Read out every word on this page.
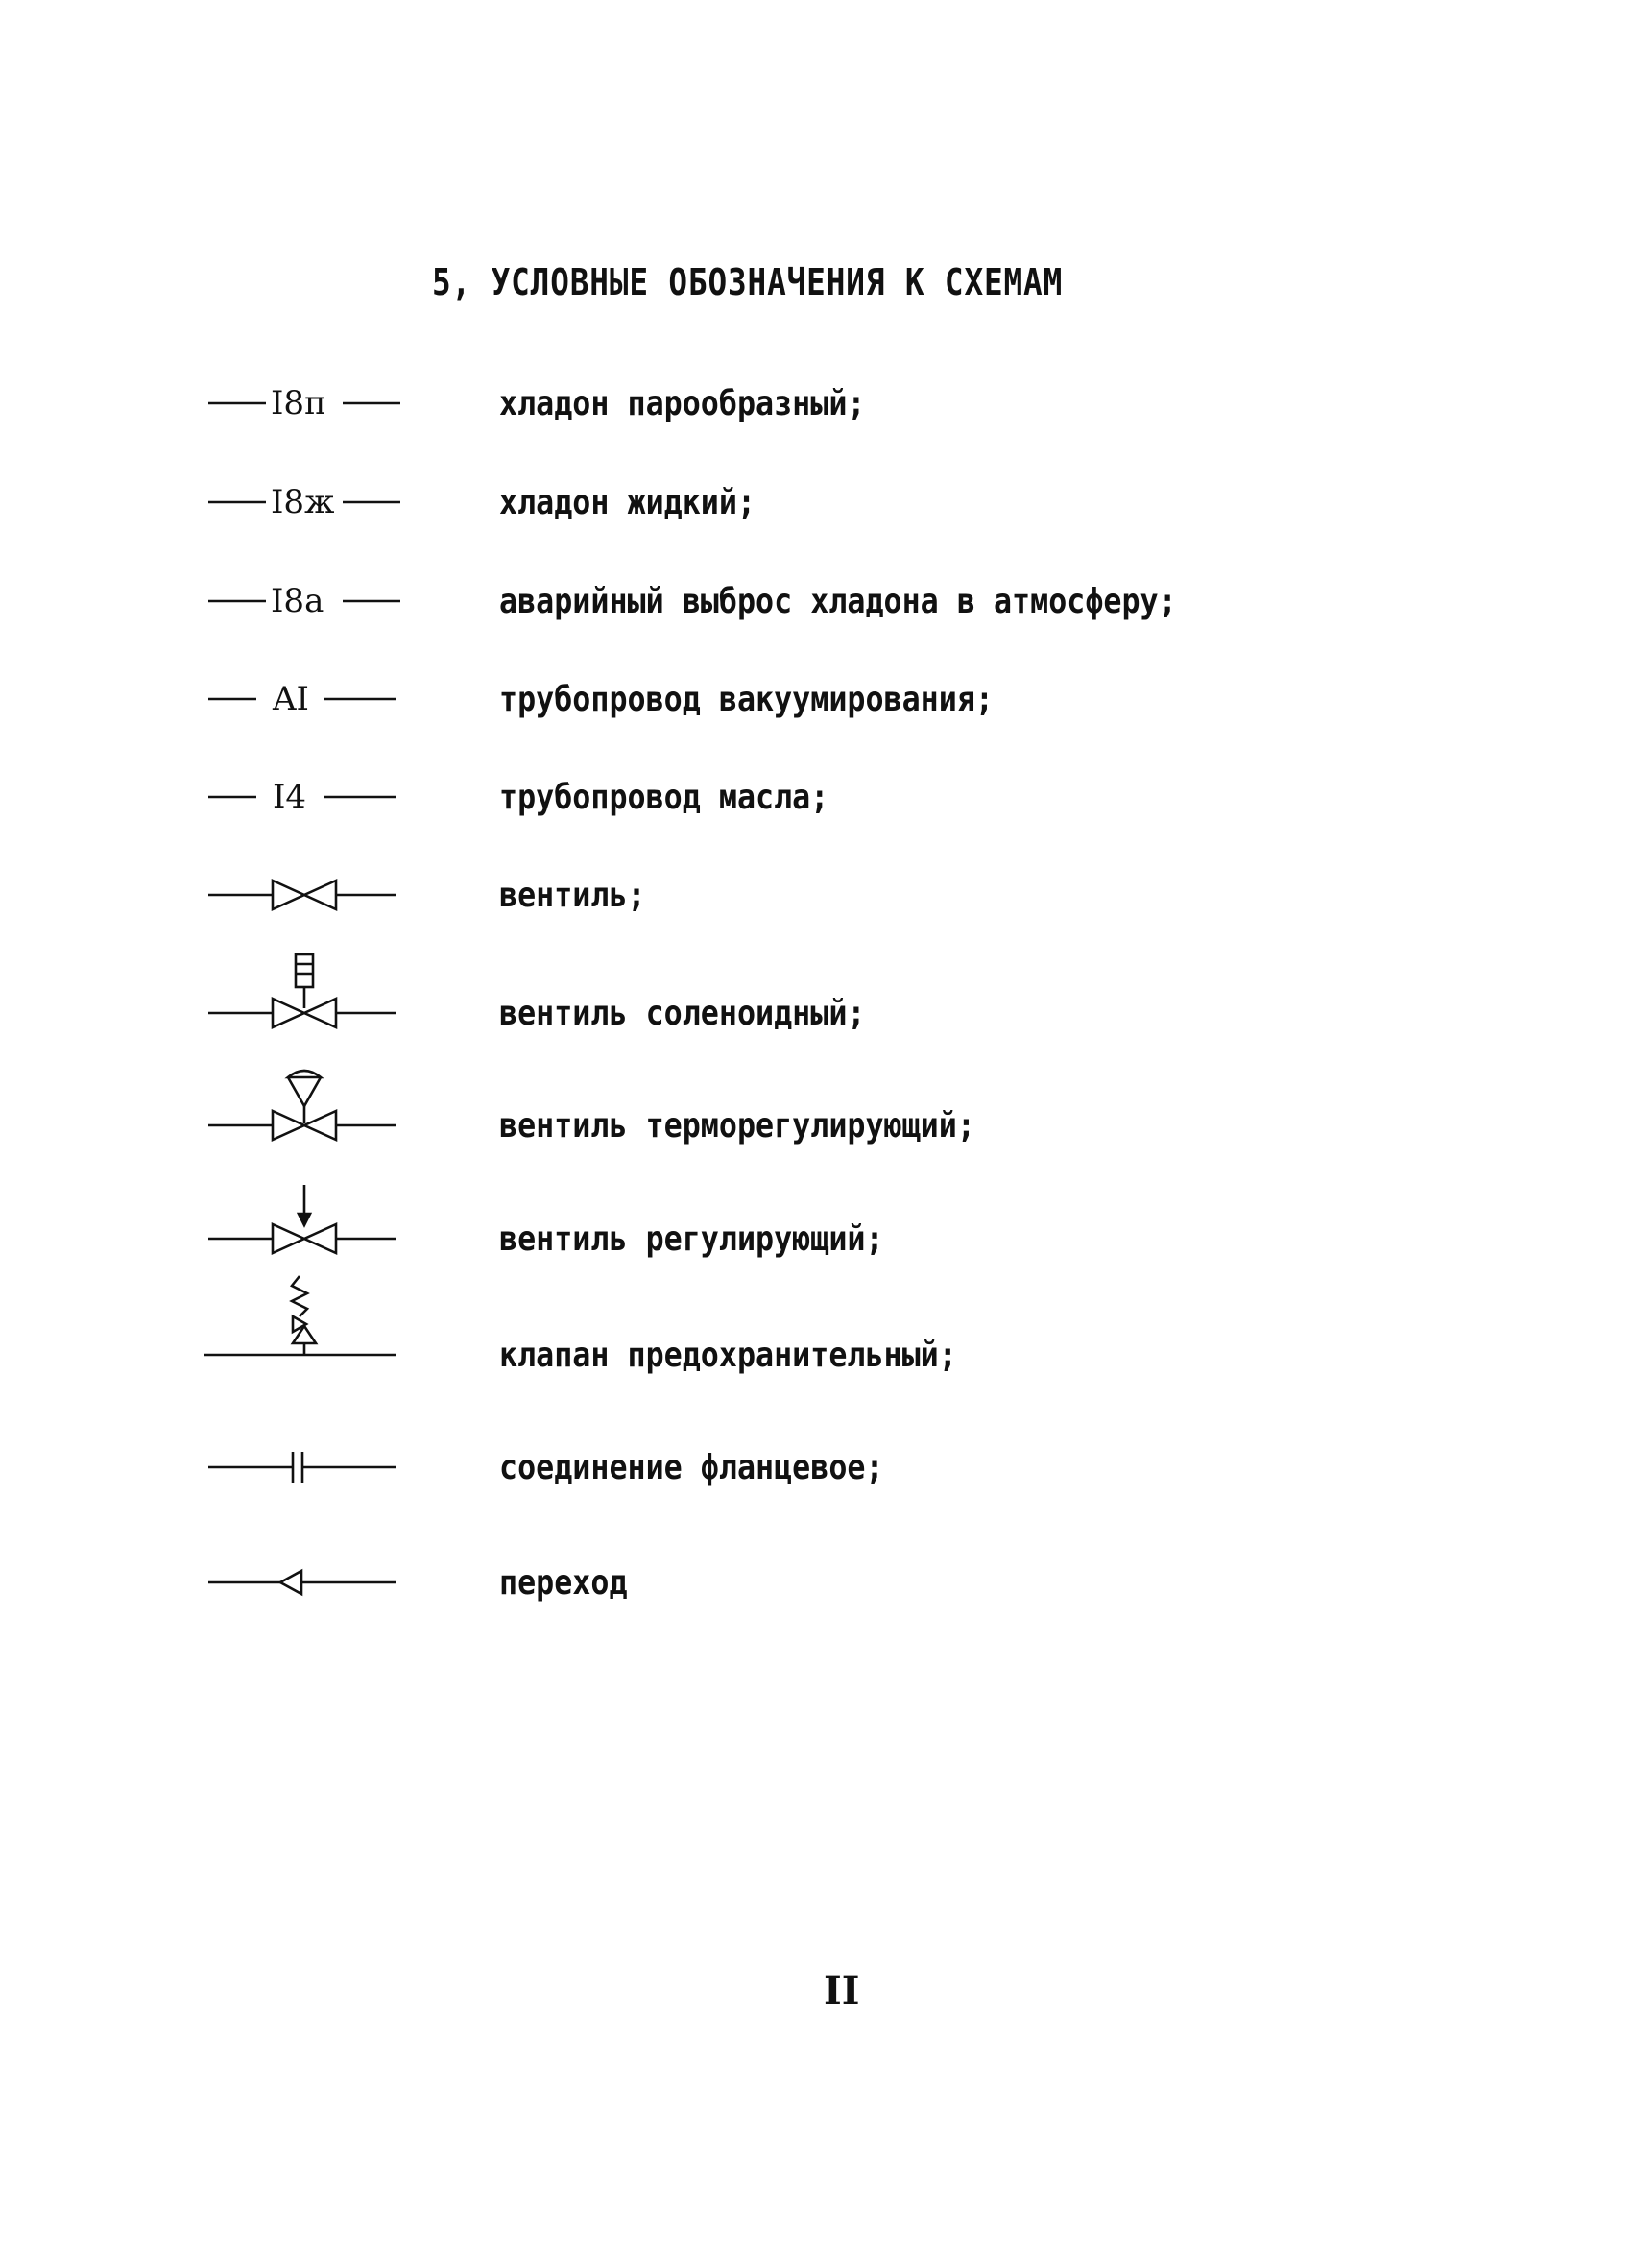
5, УСЛОВНЫЕ ОБОЗНАЧЕНИЯ К СХЕМАМ
I8п	хладон парообразный;
I8ж	хладон жидкий;
I8а	аварийный выброс хладона в атмосферу;
AI	трубопровод вакуумирования;
I4	трубопровод масла;
вентиль;
вентиль соленоидный;
вентиль терморегулирующий;
вентиль регулирующий;
клапан предохранительный;
соединение фланцевое;
переход
II
